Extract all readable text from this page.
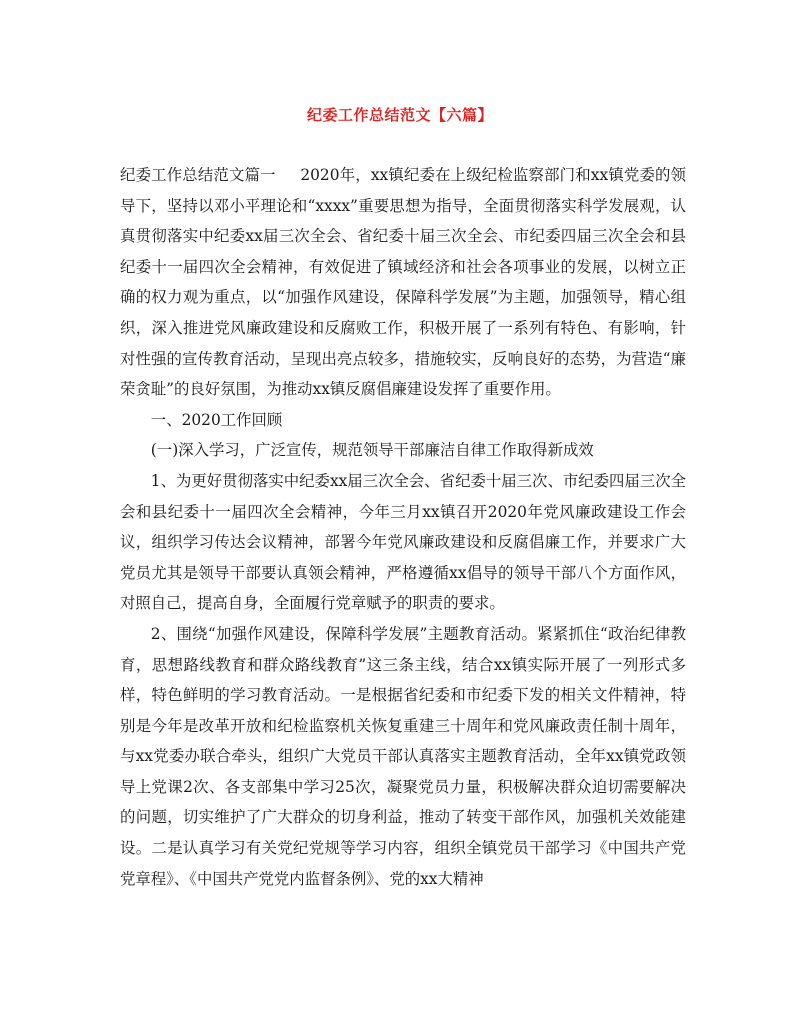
纪委工作总结范文【六篇】

纪委工作总结范文篇一 2020年，xx镇纪委在上级纪检监察部门和xx镇党委的领导下，坚持以邓小平理论和“xxxx”重要思想为指导，全面贯彻落实科学发展观，认真贯彻落实中纪委xx届三次全会、省纪委十届三次全会、市纪委四届三次全会和县纪委十一届四次全会精神，有效促进了镇域经济和社会各项事业的发展，以树立正确的权力观为重点，以“加强作风建设，保障科学发展”为主题，加强领导，精心组织，深入推进党风廉政建设和反腐败工作，积极开展了一系列有特色、有影响，针对性强的宣传教育活动，呈现出亮点较多，措施较实，反响良好的态势，为营造“廉荣贪耻”的良好氛围，为推动xx镇反腐倡廉建设发挥了重要作用。

一、2020工作回顾

(一)深入学习，广泛宣传，规范领导干部廉洁自律工作取得新成效

1、为更好贯彻落实中纪委xx届三次全会、省纪委十届三次、市纪委四届三次全会和县纪委十一届四次全会精神，今年三月xx镇召开2020年党风廉政建设工作会议，组织学习传达会议精神，部署今年党风廉政建设和反腐倡廉工作，并要求广大党员尤其是领导干部要认真领会精神，严格遵循xx倡导的领导干部八个方面作风，对照自己，提高自身，全面履行党章赋予的职责的要求。

2、围绕“加强作风建设，保障科学发展”主题教育活动。紧紧抓住“政治纪律教育，思想路线教育和群众路线教育”这三条主线，结合xx镇实际开展了一列形式多样，特色鲜明的学习教育活动。一是根据省纪委和市纪委下发的相关文件精神，特别是今年是改革开放和纪检监察机关恢复重建三十周年和党风廉政责任制十周年，与xx党委办联合牵头，组织广大党员干部认真落实主题教育活动，全年xx镇党政领导上党课2次、各支部集中学习25次，凝聚党员力量，积极解决群众迫切需要解决的问题，切实维护了广大群众的切身利益，推动了转变干部作风，加强机关效能建设。二是认真学习有关党纪党规等学习内容，组织全镇党员干部学习《中国共产党党章程》、《中国共产党党内监督条例》、党的xx大精神
